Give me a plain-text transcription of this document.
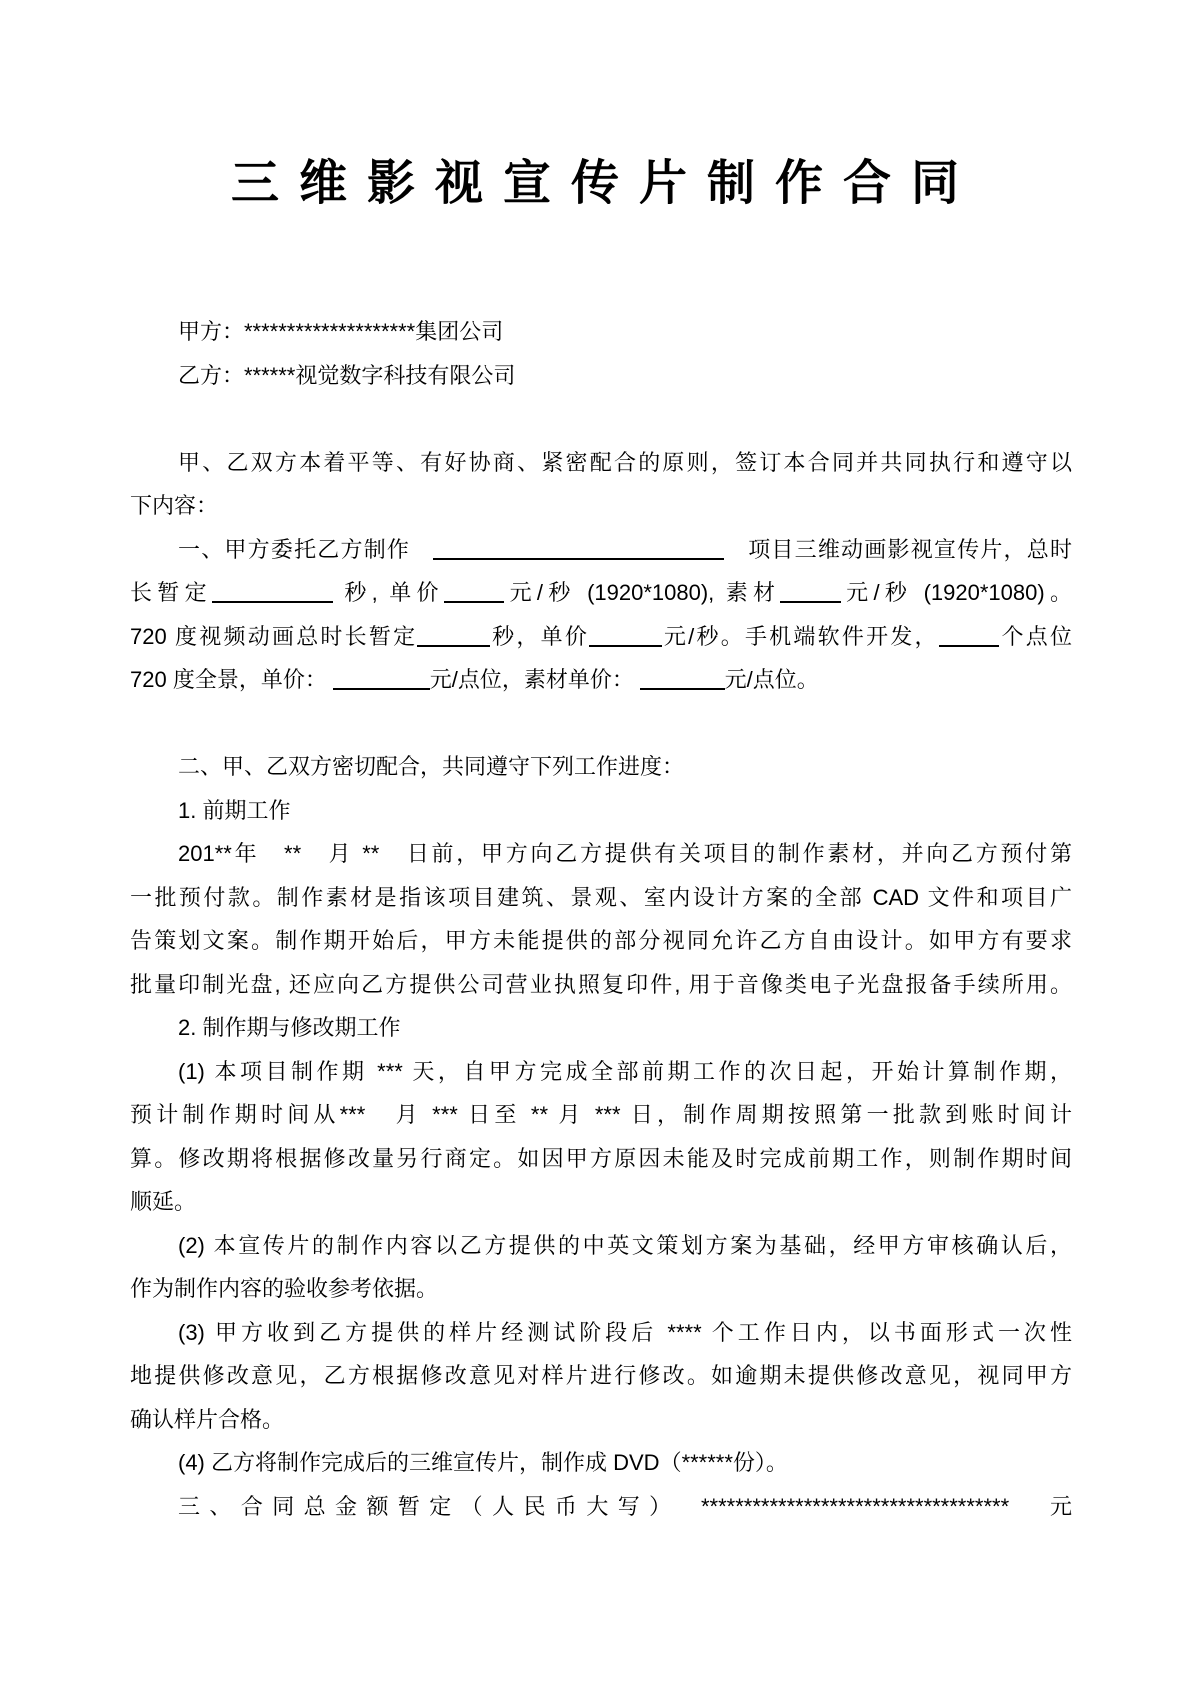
三维影视宣传片制作合同
甲方：********************集团公司
乙方：******视觉数字科技有限公司
甲、乙双方本着平等、有好协商、紧密配合的原则，签订本合同并共同执行和遵守以
下内容：
一、甲方委托乙方制作　	　项目三维动画影视宣传片，总时
长暂定	秒, 单价	元/秒 (1920*1080), 素材	元/秒 (1920*1080)。
720 度视频动画总时长暂定	秒，单价	元/秒。手机端软件开发，	个点位
720 度全景，单价：	元/点位，素材单价：	元/点位。
二、甲、乙双方密切配合，共同遵守下列工作进度：
1. 前期工作
201**年　**　月 **　日前，甲方向乙方提供有关项目的制作素材，并向乙方预付第
一批预付款。制作素材是指该项目建筑、景观、室内设计方案的全部 CAD 文件和项目广
告策划文案。制作期开始后，甲方未能提供的部分视同允许乙方自由设计。如甲方有要求
批量印制光盘, 还应向乙方提供公司营业执照复印件, 用于音像类电子光盘报备手续所用。
2. 制作期与修改期工作
(1) 本项目制作期 *** 天，自甲方完成全部前期工作的次日起，开始计算制作期，
预计制作期时间从***　月 *** 日至 ** 月 *** 日，制作周期按照第一批款到账时间计
算。修改期将根据修改量另行商定。如因甲方原因未能及时完成前期工作，则制作期时间
顺延。
(2) 本宣传片的制作内容以乙方提供的中英文策划方案为基础，经甲方审核确认后，
作为制作内容的验收参考依据。
(3) 甲方收到乙方提供的样片经测试阶段后 **** 个工作日内，以书面形式一次性
地提供修改意见，乙方根据修改意见对样片进行修改。如逾期未提供修改意见，视同甲方
确认样片合格。
(4) 乙方将制作完成后的三维宣传片，制作成 DVD（******份）。
三、合同总金额暂定（人民币大写）　************************************　元
